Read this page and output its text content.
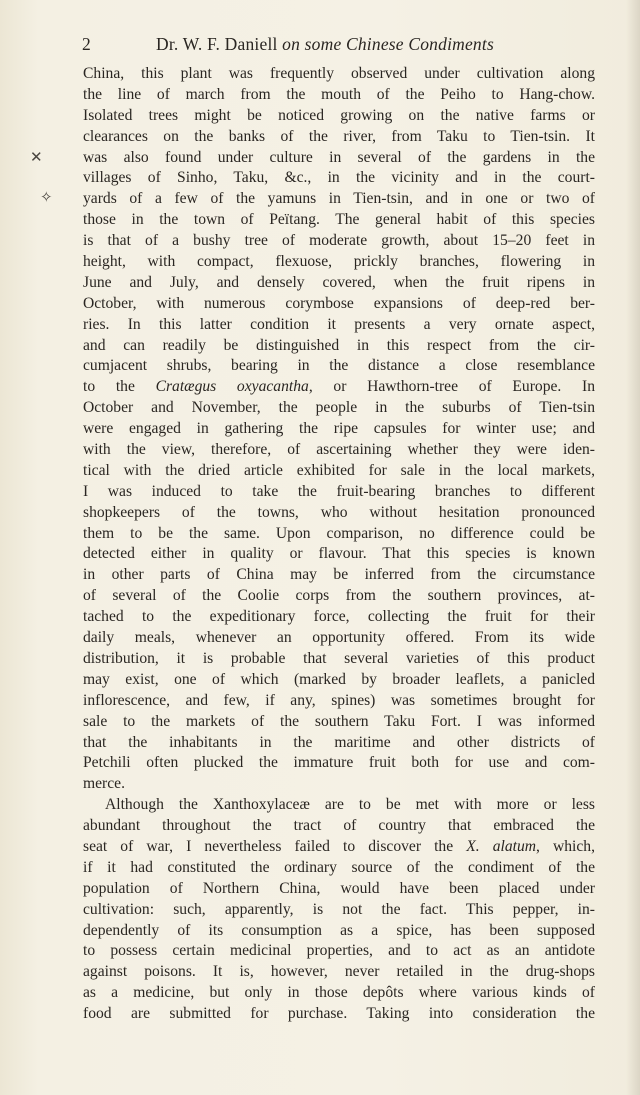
2	Dr. W. F. Daniell on some Chinese Condiments
✕
✧
China, this plant was frequently observed under cultivation along
the line of march from the mouth of the Peiho to Hang-chow.
Isolated trees might be noticed growing on the native farms or
clearances on the banks of the river, from Taku to Tien-tsin. It
was also found under culture in several of the gardens in the
villages of Sinho, Taku, &c., in the vicinity and in the court-
yards of a few of the yamuns in Tien-tsin, and in one or two of
those in the town of Peïtang. The general habit of this species
is that of a bushy tree of moderate growth, about 15–20 feet in
height, with compact, flexuose, prickly branches, flowering in
June and July, and densely covered, when the fruit ripens in
October, with numerous corymbose expansions of deep-red ber-
ries. In this latter condition it presents a very ornate aspect,
and can readily be distinguished in this respect from the cir-
cumjacent shrubs, bearing in the distance a close resemblance
to the Cratægus oxyacantha, or Hawthorn-tree of Europe. In
October and November, the people in the suburbs of Tien-tsin
were engaged in gathering the ripe capsules for winter use; and
with the view, therefore, of ascertaining whether they were iden-
tical with the dried article exhibited for sale in the local markets,
I was induced to take the fruit-bearing branches to different
shopkeepers of the towns, who without hesitation pronounced
them to be the same. Upon comparison, no difference could be
detected either in quality or flavour. That this species is known
in other parts of China may be inferred from the circumstance
of several of the Coolie corps from the southern provinces, at-
tached to the expeditionary force, collecting the fruit for their
daily meals, whenever an opportunity offered. From its wide
distribution, it is probable that several varieties of this product
may exist, one of which (marked by broader leaflets, a panicled
inflorescence, and few, if any, spines) was sometimes brought for
sale to the markets of the southern Taku Fort. I was informed
that the inhabitants in the maritime and other districts of
Petchili often plucked the immature fruit both for use and com-
merce.
Although the Xanthoxylaceæ are to be met with more or less
abundant throughout the tract of country that embraced the
seat of war, I nevertheless failed to discover the X. alatum, which,
if it had constituted the ordinary source of the condiment of the
population of Northern China, would have been placed under
cultivation: such, apparently, is not the fact. This pepper, in-
dependently of its consumption as a spice, has been supposed
to possess certain medicinal properties, and to act as an antidote
against poisons. It is, however, never retailed in the drug-shops
as a medicine, but only in those depôts where various kinds of
food are submitted for purchase. Taking into consideration the
